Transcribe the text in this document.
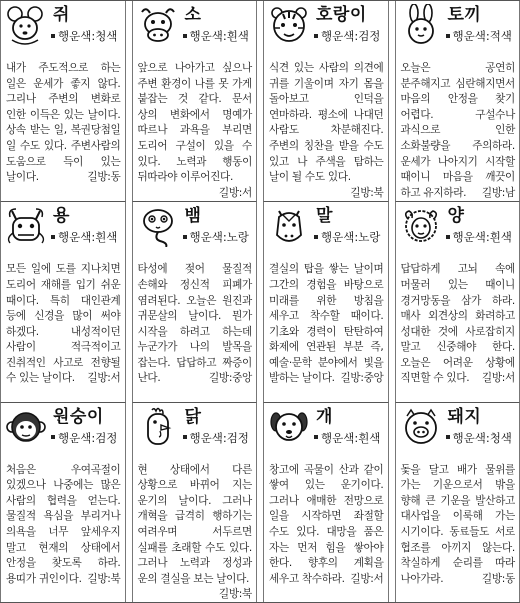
쥐
행운색:청색
내가 주도적으로 하는 일은 운세가 좋지 않다. 그리나 주변의 변화로 인한 이득은 있는 날이다. 상속 받는 일, 복권당첨일 일 수도 있다. 주변사람의 도움으로 득이 있는 날이다.	길방:동
소
행운색:흰색
앞으로 나아가고 싶으나 주변 환경이 나를 못 가게 붙잡는 것 같다. 문서 상의 변화에서 명예가 따르나 과욕을 부리면 도리어 구설이 있을 수 있다. 노력과 행동이 뒤따라야 이루어진다.
길방:서
호랑이
행운색:검정
식견 있는 사람의 의견에 귀를 기울이며 자기 몸을 돌아보고 인덕을 연마하라. 평소에 나대던 사람도 차분해진다. 주변의 칭찬을 받을 수도 있고 나 주색을 탐하는 날이 될 수도 있다.
길방:북
토끼
행운색:적색
오늘은 공연히 분주해지고 심란해지면서 마음의 안정을 찾기 어렵다. 구설수나 과식으로 인한 소화불량을 주의하라. 운세가 나아지기 시작할 때이니 마음을 깨끗이 하고 유지하라. 길방:남
용
행운색:흰색
모든 일에 도를 지나치면 도리어 재해를 입기 쉬운 때이다. 특히 대인관계 등에 신경을 많이 써야 하겠다. 내성적이던 사람이 적극적이고 진취적인 사고로 전향될 수 있는 날이다. 길방:서
뱀
행운색:노랑
타성에 젖어 물질적 손해와 정신적 피폐가 염려된다. 오늘은 원진과 귀문살의 날이다. 뭔가 시작을 하려고 하는데 누군가가 나의 발목을 잡는다. 답답하고 짜증이 난다.	길방:중앙
말
행운색:노랑
결실의 탑을 쌓는 날이며 그간의 경험을 바탕으로 미래를 위한 방침을 세우고 착수할 때이다. 기초와 경력이 탄탄하여 화제에 연관된 부분 즉, 예술·문학 분야에서 빛을 발하는 날이다. 길방:중앙
양
행운색:흰색
답답하게 고뇌 속에 머물러 있는 때이니 경거망동을 삼가 하라. 매사 외견상의 화려하고 성대한 것에 사로잡히지 말고 신중해야 한다. 오늘은 어려운 상황에 직면할 수 있다. 길방:서
원숭이
행운색:검정
처음은 우여곡절이 있겠으나 나중에는 많은 사람의 협력을 얻는다. 물질적 욕심을 부리거나 의욕을 너무 앞세우지 말고 현재의 상태에서 안정을 찾도록 하라. 용띠가 귀인이다. 길방:북
닭
행운색:검정
현 상태에서 다른 상황으로 바뀌어 지는 운기의 날이다. 그러나 개혁을 급격히 행하기는 여려우며 서두르면 실패를 초래할 수도 있다. 그러나 노력과 정성과 운의 결실을 보는 날이다.
길방:북
개
행운색:흰색
창고에 곡물이 산과 같이 쌓여 있는 운기이다. 그러나 애매한 전망으로 일을 시작하면 좌절할 수도 있다. 대망을 품은 자는 먼저 힘을 쌓아야 한다. 향후의 계획을 세우고 착수하라. 길방:서
돼지
행운색:청색
돛을 달고 배가 물위를 가는 기운으로서 밖을 향해 큰 기운을 발산하고 대사업을 이룩해 가는 시기이다. 동료들도 서로 협조를 아끼지 않는다. 착실하게 순리를 따라 나아가라.	길방:동
